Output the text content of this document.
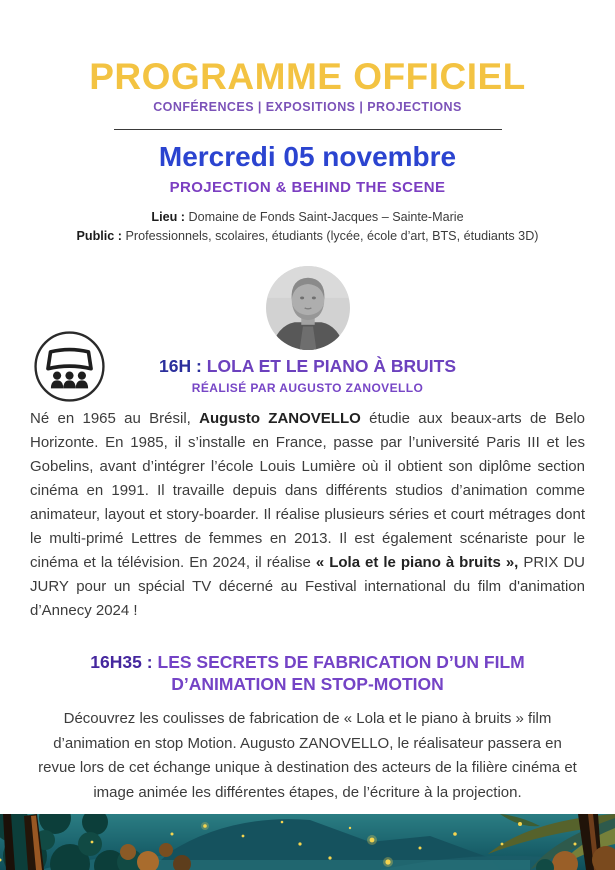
PROGRAMME OFFICIEL
CONFÉRENCES | EXPOSITIONS | PROJECTIONS
Mercredi 05 novembre
PROJECTION & BEHIND THE SCENE

Lieu : Domaine de Fonds Saint-Jacques – Sainte-Marie

Public : Professionnels, scolaires, étudiants (lycée, école d’art, BTS, étudiants 3D)

16H : LOLA ET LE PIANO À BRUITS
RÉALISÉ PAR AUGUSTO ZANOVELLO

Né en 1965 au Brésil, Augusto ZANOVELLO étudie aux beaux-arts de Belo Horizonte. En 1985, il s’installe en France, passe par l’université Paris III et les Gobelins, avant d’intégrer l’école Louis Lumière où il obtient son diplôme section cinéma en 1991. Il travaille depuis dans différents studios d’animation comme animateur, layout et story-boarder. Il réalise plusieurs séries et court métrages dont le multi-primé Lettres de femmes en 2013. Il est également scénariste pour le cinéma et la télévision. En 2024, il réalise « Lola et le piano à bruits », PRIX DU JURY pour un spécial TV décerné au Festival international du film d'animation d’Annecy 2024 !

16H35 : LES SECRETS DE FABRICATION D’UN FILM D’ANIMATION EN STOP-MOTION

Découvrez les coulisses de fabrication de « Lola et le piano à bruits » film d’animation en stop Motion. Augusto ZANOVELLO, le réalisateur passera en revue lors de cet échange unique à destination des acteurs de la filière cinéma et image animée les différentes étapes, de l’écriture à la projection.
